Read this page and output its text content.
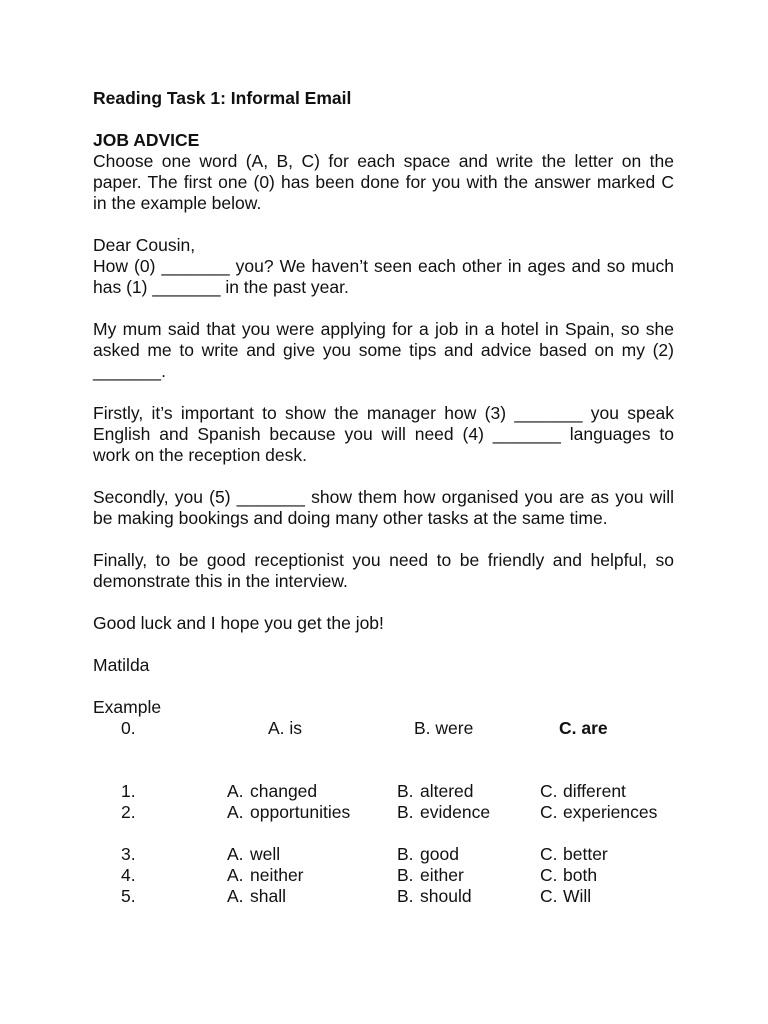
Reading Task 1: Informal Email

JOB ADVICE

Choose one word (A, B, C) for each space and write the letter on the paper. The first one (0) has been done for you with the answer marked C in the example below.

Dear Cousin,

How (0) _______ you? We haven’t seen each other in ages and so much has (1) _______ in the past year.

My mum said that you were applying for a job in a hotel in Spain, so she asked me to write and give you some tips and advice based on my (2) _______.

Firstly, it’s important to show the manager how (3) _______ you speak English and Spanish because you will need (4) _______ languages to work on the reception desk.

Secondly, you (5) _______ show them how organised you are as you will be making bookings and doing many other tasks at the same time.

Finally, to be good receptionist you need to be friendly and helpful, so demonstrate this in the interview.

Good luck and I hope you get the job!

Matilda

Example
0.	A. is	B. were	C. are
1.	A. changed	B. altered	C. different
2.	A. opportunities	B. evidence	C. experiences
3.	A. well	B. good	C. better
4.	A. neither	B. either	C. both
5.	A. shall	B. should	C. Will
